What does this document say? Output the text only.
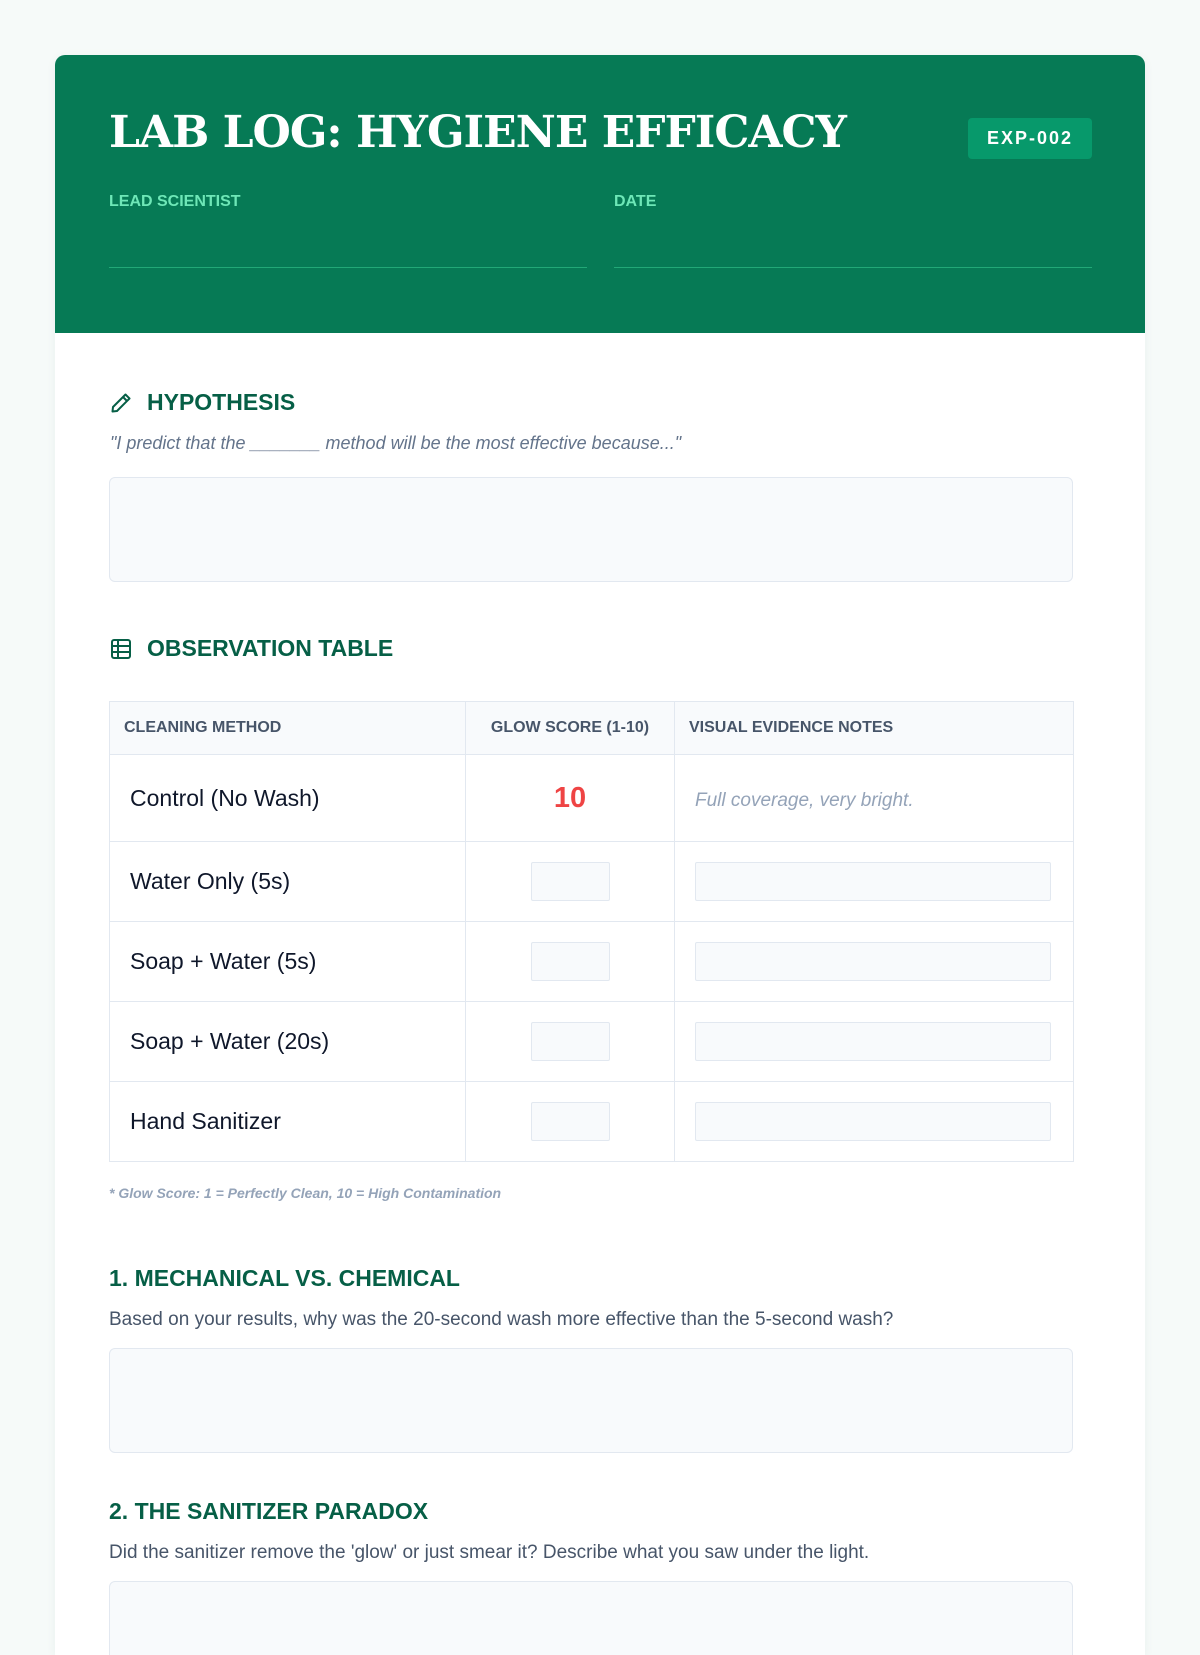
LAB LOG: HYGIENE EFFICACY	EXP-002
LEAD SCIENTIST	DATE
HYPOTHESIS
"I predict that the _______ method will be the most effective because..."
OBSERVATION TABLE
CLEANING METHOD	GLOW SCORE (1-10)	VISUAL EVIDENCE NOTES
Control (No Wash)	10	Full coverage, very bright.
Water Only (5s)		

Soap + Water (5s)		

Soap + Water (20s)		

Hand Sanitizer		
* Glow Score: 1 = Perfectly Clean, 10 = High Contamination
1. MECHANICAL VS. CHEMICAL
Based on your results, why was the 20-second wash more effective than the 5-second wash?
2. THE SANITIZER PARADOX
Did the sanitizer remove the 'glow' or just smear it? Describe what you saw under the light.
